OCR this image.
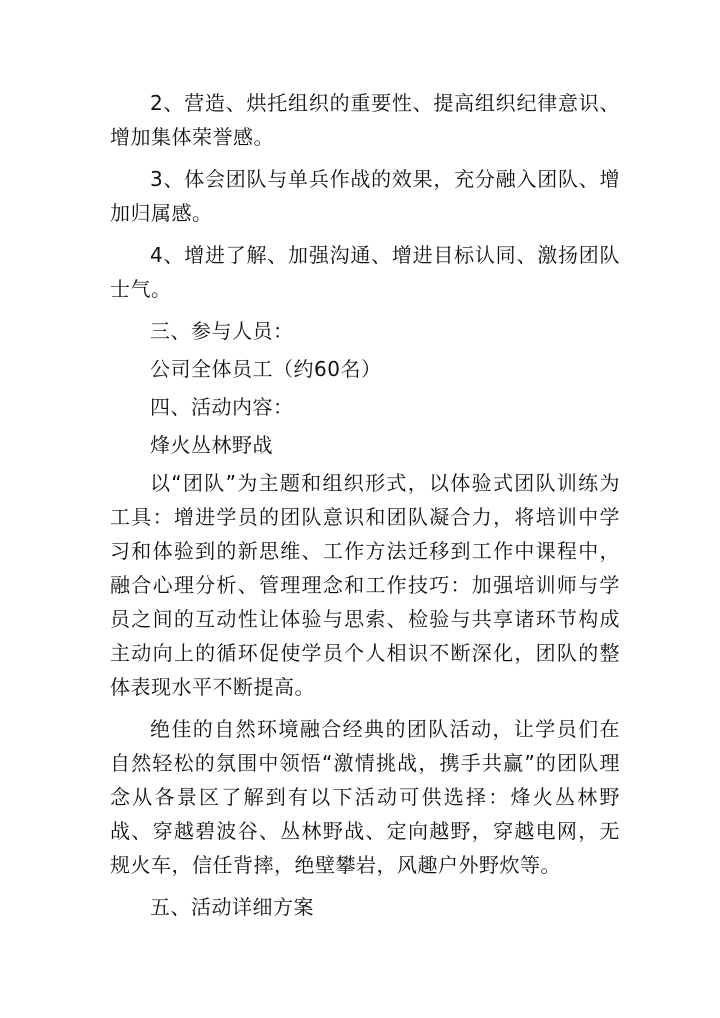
2、营造、烘托组织的重要性、提高组织纪律意识、增加集体荣誉感。

3、体会团队与单兵作战的效果，充分融入团队、增加归属感。

4、增进了解、加强沟通、增进目标认同、激扬团队士气。

三、参与人员：

公司全体员工（约60名）

四、活动内容：

烽火丛林野战

以“团队”为主题和组织形式，以体验式团队训练为工具：增进学员的团队意识和团队凝合力，将培训中学习和体验到的新思维、工作方法迁移到工作中课程中，融合心理分析、管理理念和工作技巧：加强培训师与学员之间的互动性让体验与思索、检验与共享诸环节构成主动向上的循环促使学员个人相识不断深化，团队的整体表现水平不断提高。

绝佳的自然环境融合经典的团队活动，让学员们在自然轻松的氛围中领悟“激情挑战，携手共赢”的团队理念从各景区了解到有以下活动可供选择：烽火丛林野战、穿越碧波谷、丛林野战、定向越野，穿越电网，无规火车，信任背摔，绝壁攀岩，风趣户外野炊等。

五、活动详细方案
